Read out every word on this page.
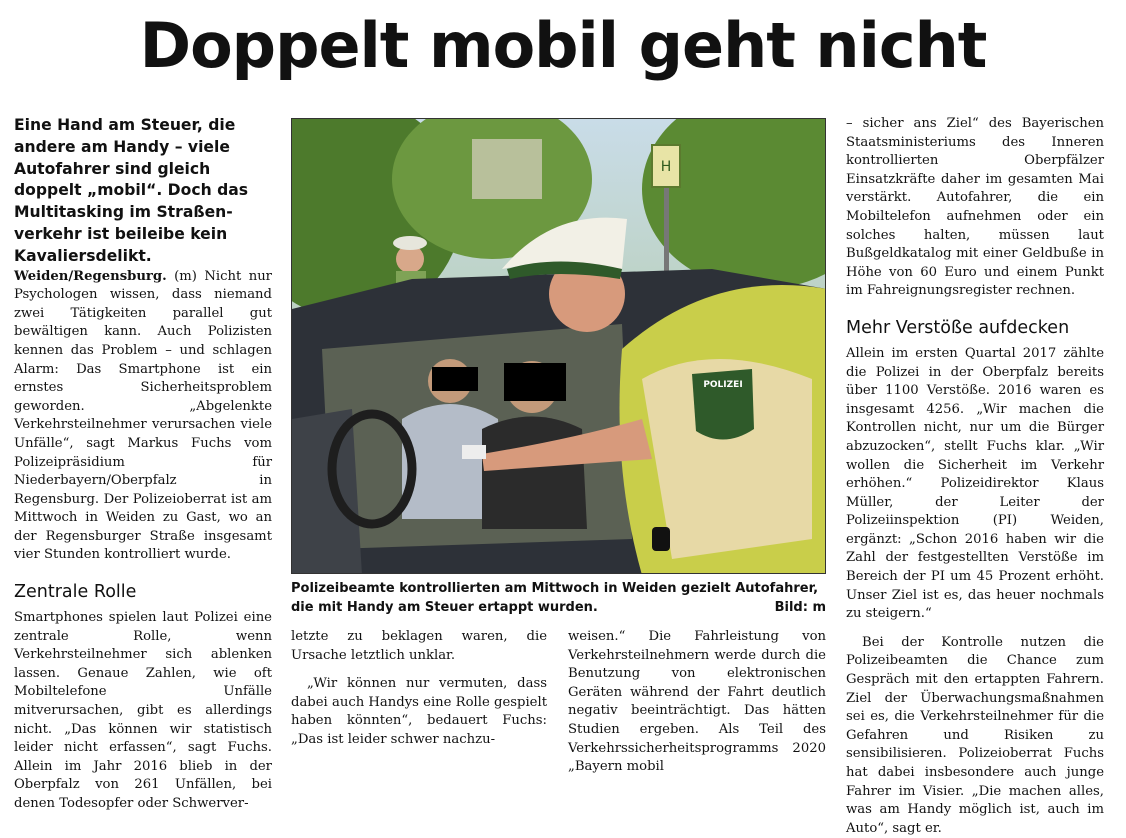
Doppelt mobil geht nicht

Eine Hand am Steuer, die andere am Handy – viele Autofahrer sind gleich doppelt „mobil“. Doch das Multitasking im Straßenverkehr ist beileibe kein Kavaliersdelikt.

Weiden/Regensburg. (m) Nicht nur Psychologen wissen, dass niemand zwei Tätigkeiten parallel gut bewältigen kann. Auch Polizisten kennen das Problem – und schlagen Alarm: Das Smartphone ist ein ernstes Sicherheitsproblem geworden. „Abgelenkte Verkehrsteilnehmer verursachen viele Unfälle“, sagt Markus Fuchs vom Polizeipräsidium für Niederbayern/Oberpfalz in Regensburg. Der Polizeioberrat ist am Mittwoch in Weiden zu Gast, wo an der Regensburger Straße insgesamt vier Stunden kontrolliert wurde.

Zentrale Rolle

Smartphones spielen laut Polizei eine zentrale Rolle, wenn Verkehrsteilnehmer sich ablenken lassen. Genaue Zahlen, wie oft Mobiltelefone Unfälle mitverursachen, gibt es allerdings nicht. „Das können wir statistisch leider nicht erfassen“, sagt Fuchs. Allein im Jahr 2016 blieb in der Oberpfalz von 261 Unfällen, bei denen Todesopfer oder Schwerver-

H
POLIZEI
Polizeibeamte kontrollierten am Mittwoch in Weiden gezielt Autofahrer, die mit Handy am Steuer ertappt wurden.	Bild: m

letzte zu beklagen waren, die Ursache letztlich unklar.

„Wir können nur vermuten, dass dabei auch Handys eine Rolle gespielt haben könnten“, bedauert Fuchs: „Das ist leider schwer nachzu-

weisen.“ Die Fahrleistung von Verkehrsteilnehmern werde durch die Benutzung von elektronischen Geräten während der Fahrt deutlich negativ beeinträchtigt. Das hätten Studien ergeben. Als Teil des Verkehrssicherheitsprogramms 2020 „Bayern mobil

– sicher ans Ziel“ des Bayerischen Staatsministeriums des Inneren kontrollierten Oberpfälzer Einsatzkräfte daher im gesamten Mai verstärkt. Autofahrer, die ein Mobiltelefon aufnehmen oder ein solches halten, müssen laut Bußgeldkatalog mit einer Geldbuße in Höhe von 60 Euro und einem Punkt im Fahreignungsregister rechnen.

Mehr Verstöße aufdecken

Allein im ersten Quartal 2017 zählte die Polizei in der Oberpfalz bereits über 1100 Verstöße. 2016 waren es insgesamt 4256. „Wir machen die Kontrollen nicht, nur um die Bürger abzuzocken“, stellt Fuchs klar. „Wir wollen die Sicherheit im Verkehr erhöhen.“ Polizeidirektor Klaus Müller, der Leiter der Polizeiinspektion (PI) Weiden, ergänzt: „Schon 2016 haben wir die Zahl der festgestellten Verstöße im Bereich der PI um 45 Prozent erhöht. Unser Ziel ist es, das heuer nochmals zu steigern.“

Bei der Kontrolle nutzen die Polizeibeamten die Chance zum Gespräch mit den ertappten Fahrern. Ziel der Überwachungsmaßnahmen sei es, die Verkehrsteilnehmer für die Gefahren und Risiken zu sensibilisieren. Polizeioberrat Fuchs hat dabei insbesondere auch junge Fahrer im Visier. „Die machen alles, was am Handy möglich ist, auch im Auto“, sagt er.
